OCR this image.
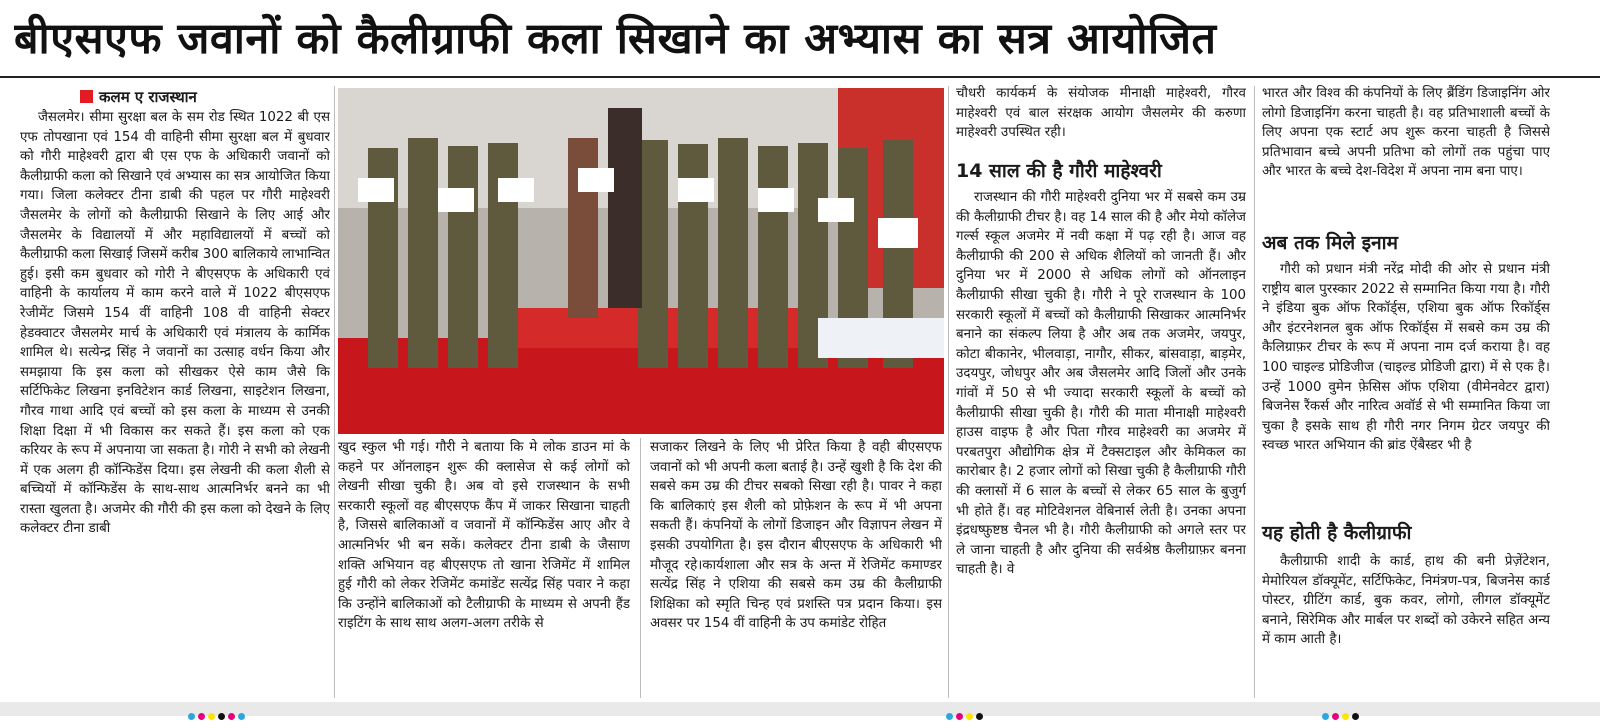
बीएसएफ जवानों को कैलीग्राफी कला सिखाने का अभ्यास का सत्र आयोजित
कलम ए राजस्थान

जैसलमेर। सीमा सुरक्षा बल के सम रोड स्थित 1022 बी एस एफ तोपखाना एवं 154 वी वाहिनी सीमा सुरक्षा बल में बुधवार को गौरी माहेश्वरी द्वारा बी एस एफ के अधिकारी जवानों को कैलीग्राफी कला को सिखाने एवं अभ्यास का सत्र आयोजित किया गया। जिला कलेक्टर टीना डाबी की पहल पर गौरी माहेश्वरी जैसलमेर के लोगों को कैलीग्राफी सिखाने के लिए आई और जैसलमेर के विद्यालयों में और महाविद्यालयों में बच्चों को कैलीग्राफी कला सिखाई जिसमें करीब 300 बालिकाये लाभान्वित हुई। इसी कम बुधवार को गोरी ने बीएसएफ के अधिकारी एवं वाहिनी के कार्यालय में काम करने वाले में 1022 बीएसएफ रेजीमेंट जिसमे 154 वीं वाहिनी 108 वी वाहिनी सेक्टर हेडक्वाटर जैसलमेर मार्च के अधिकारी एवं मंत्रालय के कार्मिक शामिल थे। सत्येन्द्र सिंह ने जवानों का उत्साह वर्धन किया और समझाया कि इस कला को सीखकर ऐसे काम जैसे कि सर्टिफिकेट लिखना इनविटेशन कार्ड लिखना, साइटेशन लिखना, गौरव गाथा आदि एवं बच्चों को इस कला के माध्यम से उनकी शिक्षा दिक्षा में भी विकास कर सकते हैं। इस कला को एक करियर के रूप में अपनाया जा सकता है। गोरी ने सभी को लेखनी में एक अलग ही कॉन्फिडेंस दिया। इस लेखनी की कला शैली से बच्चियों में कॉन्फिडेंस के साथ-साथ आत्मनिर्भर बनने का भी रास्ता खुलता है। अजमेर की गौरी की इस कला को देखने के लिए कलेक्टर टीना डाबी

खुद स्कुल भी गई। गौरी ने बताया कि मे लोक डाउन मां के कहने पर ऑनलाइन शुरू की क्लासेज से कई लोगों को लेखनी सीखा चुकी है। अब वो इसे राजस्थान के सभी सरकारी स्कूलों वह बीएसएफ कैंप में जाकर सिखाना चाहती है, जिससे बालिकाओं व जवानों में कॉन्फिडेंस आए और वे आत्मनिर्भर भी बन सकें। कलेक्टर टीना डाबी के जैसाण शक्ति अभियान वह बीएसएफ तो खाना रेजिमेंट में शामिल हुई गौरी को लेकर रेजिमेंट कमांडेंट सत्येंद्र सिंह पवार ने कहा कि उन्होंने बालिकाओं को टैलीग्राफी के माध्यम से अपनी हैंड राइटिंग के साथ साथ अलग-अलग तरीके से

सजाकर लिखने के लिए भी प्रेरित किया है वही बीएसएफ जवानों को भी अपनी कला बताई है। उन्हें खुशी है कि देश की सबसे कम उम्र की टीचर सबको सिखा रही है। पावर ने कहा कि बालिकाएं इस शैली को प्रोफ़ेशन के रूप में भी अपना सकती हैं। कंपनियों के लोगों डिजाइन और विज्ञापन लेखन में इसकी उपयोगिता है। इस दौरान बीएसएफ के अधिकारी भी मौजूद रहे।कार्यशाला और सत्र के अन्त में रेजिमेंट कमाण्डर सत्येंद्र सिंह ने एशिया की सबसे कम उम्र की कैलीग्राफी शिक्षिका को स्मृति चिन्ह एवं प्रशस्ति पत्र प्रदान किया। इस अवसर पर 154 वीं वाहिनी के उप कमांडेट रोहित

चौधरी कार्यकर्म के संयोजक मीनाक्षी माहेश्वरी, गौरव माहेश्वरी एवं बाल संरक्षक आयोग जैसलमेर की करुणा माहेश्वरी उपस्थित रही।

14 साल की है गौरी माहेश्वरी

राजस्थान की गौरी माहेश्वरी दुनिया भर में सबसे कम उम्र की कैलीग्राफी टीचर है। वह 14 साल की है और मेयो कॉलेज गर्ल्स स्कूल अजमेर में नवी कक्षा में पढ़ रही है। आज वह कैलीग्राफी की 200 से अधिक शैलियों को जानती हैं। और दुनिया भर में 2000 से अधिक लोगों को ऑनलाइन कैलीग्राफी सीखा चुकी है। गौरी ने पूरे राजस्थान के 100 सरकारी स्कूलों में बच्चों को कैलीग्राफी सिखाकर आत्मनिर्भर बनाने का संकल्प लिया है और अब तक अजमेर, जयपुर, कोटा बीकानेर, भीलवाड़ा, नागौर, सीकर, बांसवाड़ा, बाड़मेर, उदयपुर, जोधपुर और अब जैसलमेर आदि जिलों और उनके गांवों में 50 से भी ज्यादा सरकारी स्कूलों के बच्चों को कैलीग्राफी सीखा चुकी है। गौरी की माता मीनाक्षी माहेश्वरी हाउस वाइफ है और पिता गौरव माहेश्वरी का अजमेर में परबतपुरा औद्योगिक क्षेत्र में टैक्सटाइल और केमिकल का कारोबार है। 2 हजार लोगों को सिखा चुकी है कैलीग्राफी गौरी की क्लासों में 6 साल के बच्चों से लेकर 65 साल के बुजुर्ग भी होते हैं। वह मोटिवेशनल वेबिनार्स लेती है। उनका अपना इंद्रधष्फ़ुष्टष्ठ चैनल भी है। गौरी कैलीग्राफी को अगले स्तर पर ले जाना चाहती है और दुनिया की सर्वश्रेष्ठ कैलीग्राफ़र बनना चाहती है। वे

भारत और विश्व की कंपनियों के लिए ब्रैंडिंग डिजाइनिंग ओर लोगो डिजाइनिंग करना चाहती है। वह प्रतिभाशाली बच्चों के लिए अपना एक स्टार्ट अप शुरू करना चाहती है जिससे प्रतिभावान बच्चे अपनी प्रतिभा को लोगों तक पहुंचा पाए और भारत के बच्चे देश-विदेश में अपना नाम बना पाए।

अब तक मिले इनाम

गौरी को प्रधान मंत्री नरेंद्र मोदी की ओर से प्रधान मंत्री राष्ट्रीय बाल पुरस्कार 2022 से सम्मानित किया गया है। गौरी ने इंडिया बुक ऑफ रिकॉर्ड्स, एशिया बुक ऑफ रिकॉर्ड्स और इंटरनेशनल बुक ऑफ रिकॉर्ड्स में सबसे कम उम्र की कैलिग्राफ़र टीचर के रूप में अपना नाम दर्ज कराया है। वह 100 चाइल्ड प्रोडिजीज (चाइल्ड प्रोडिजी द्वारा) में से एक है। उन्हें 1000 वुमेन फ़ेसिस ऑफ एशिया (वीमेनवेटर द्वारा) बिजनेस रैंकर्स और नारित्व अवॉर्ड से भी सम्मानित किया जा चुका है इसके साथ ही गौरी नगर निगम ग्रेटर जयपुर की स्वच्छ भारत अभियान की ब्रांड ऐंबैस्डर भी है

यह होती है कैलीग्राफी

कैलीग्राफी शादी के कार्ड, हाथ की बनी प्रेज़ेंटेशन, मेमोरियल डॉक्यूमेंट, सर्टिफिकेट, निमंत्रण-पत्र, बिजनेस कार्ड पोस्टर, ग्रीटिंग कार्ड, बुक कवर, लोगो, लीगल डॉक्यूमेंट बनाने, सिरेमिक और मार्बल पर शब्दों को उकेरने सहित अन्य में काम आती है।
